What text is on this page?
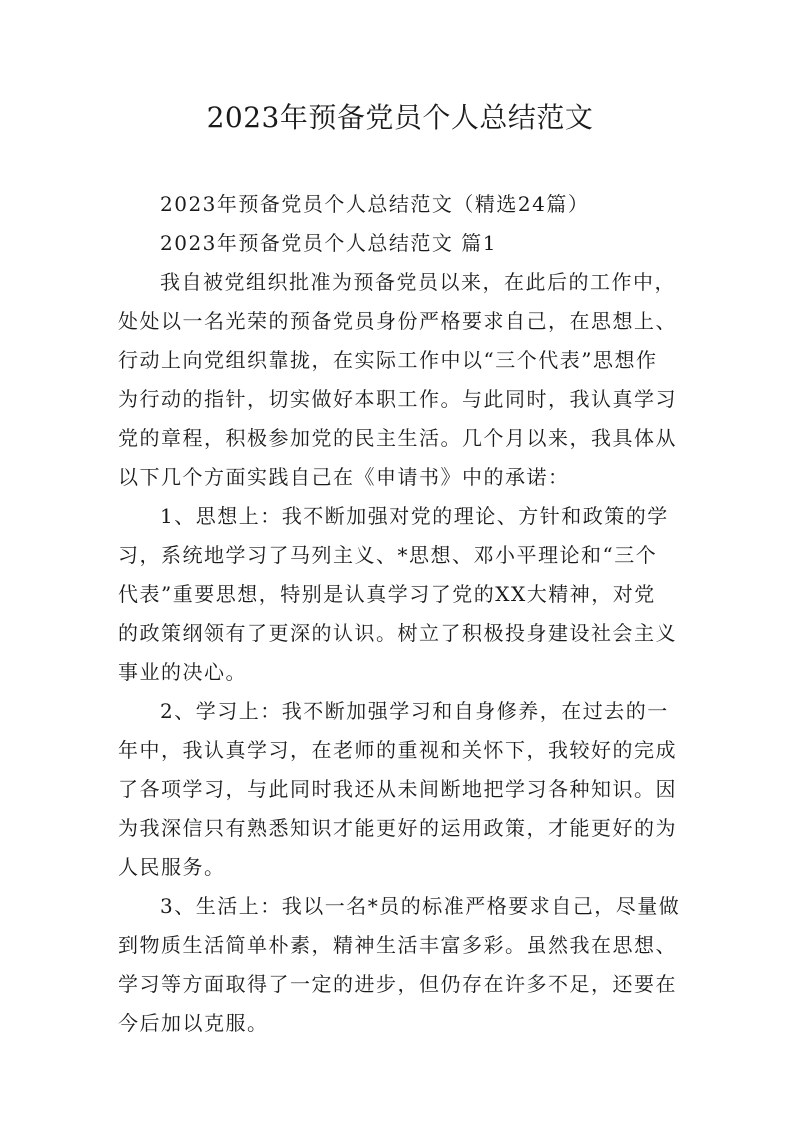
2023年预备党员个人总结范文
2023年预备党员个人总结范文（精选24篇）
2023年预备党员个人总结范文 篇1
我自被党组织批准为预备党员以来，在此后的工作中，
处处以一名光荣的预备党员身份严格要求自己，在思想上、
行动上向党组织靠拢，在实际工作中以“三个代表”思想作
为行动的指针，切实做好本职工作。与此同时，我认真学习
党的章程，积极参加党的民主生活。几个月以来，我具体从
以下几个方面实践自己在《申请书》中的承诺：
1、思想上：我不断加强对党的理论、方针和政策的学
习，系统地学习了马列主义、*思想、邓小平理论和“三个
代表”重要思想，特别是认真学习了党的XX大精神，对党
的政策纲领有了更深的认识。树立了积极投身建设社会主义
事业的决心。
2、学习上：我不断加强学习和自身修养，在过去的一
年中，我认真学习，在老师的重视和关怀下，我较好的完成
了各项学习，与此同时我还从未间断地把学习各种知识。因
为我深信只有熟悉知识才能更好的运用政策，才能更好的为
人民服务。
3、生活上：我以一名*员的标准严格要求自己，尽量做
到物质生活简单朴素，精神生活丰富多彩。虽然我在思想、
学习等方面取得了一定的进步，但仍存在许多不足，还要在
今后加以克服。
